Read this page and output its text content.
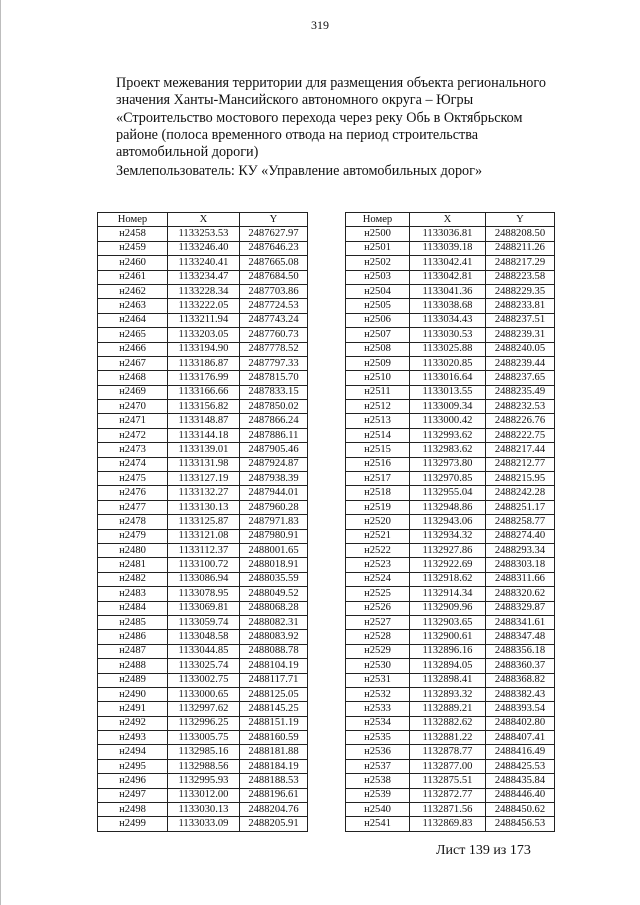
319
Проект межевания территории для размещения объекта регионального
значения Ханты-Мансийского автономного округа – Югры
«Строительство мостового перехода через реку Обь в Октябрьском
районе (полоса временного отвода на период строительства
автомобильной дороги)
Землепользователь: КУ «Управление автомобильных дорог»
Номер	X	Y
н2458	1133253.53	2487627.97
н2459	1133246.40	2487646.23
н2460	1133240.41	2487665.08
н2461	1133234.47	2487684.50
н2462	1133228.34	2487703.86
н2463	1133222.05	2487724.53
н2464	1133211.94	2487743.24
н2465	1133203.05	2487760.73
н2466	1133194.90	2487778.52
н2467	1133186.87	2487797.33
н2468	1133176.99	2487815.70
н2469	1133166.66	2487833.15
н2470	1133156.82	2487850.02
н2471	1133148.87	2487866.24
н2472	1133144.18	2487886.11
н2473	1133139.01	2487905.46
н2474	1133131.98	2487924.87
н2475	1133127.19	2487938.39
н2476	1133132.27	2487944.01
н2477	1133130.13	2487960.28
н2478	1133125.87	2487971.83
н2479	1133121.08	2487980.91
н2480	1133112.37	2488001.65
н2481	1133100.72	2488018.91
н2482	1133086.94	2488035.59
н2483	1133078.95	2488049.52
н2484	1133069.81	2488068.28
н2485	1133059.74	2488082.31
н2486	1133048.58	2488083.92
н2487	1133044.85	2488088.78
н2488	1133025.74	2488104.19
н2489	1133002.75	2488117.71
н2490	1133000.65	2488125.05
н2491	1132997.62	2488145.25
н2492	1132996.25	2488151.19
н2493	1133005.75	2488160.59
н2494	1132985.16	2488181.88
н2495	1132988.56	2488184.19
н2496	1132995.93	2488188.53
н2497	1133012.00	2488196.61
н2498	1133030.13	2488204.76
н2499	1133033.09	2488205.91
Номер	X	Y
н2500	1133036.81	2488208.50
н2501	1133039.18	2488211.26
н2502	1133042.41	2488217.29
н2503	1133042.81	2488223.58
н2504	1133041.36	2488229.35
н2505	1133038.68	2488233.81
н2506	1133034.43	2488237.51
н2507	1133030.53	2488239.31
н2508	1133025.88	2488240.05
н2509	1133020.85	2488239.44
н2510	1133016.64	2488237.65
н2511	1133013.55	2488235.49
н2512	1133009.34	2488232.53
н2513	1133000.42	2488226.76
н2514	1132993.62	2488222.75
н2515	1132983.62	2488217.44
н2516	1132973.80	2488212.77
н2517	1132970.85	2488215.95
н2518	1132955.04	2488242.28
н2519	1132948.86	2488251.17
н2520	1132943.06	2488258.77
н2521	1132934.32	2488274.40
н2522	1132927.86	2488293.34
н2523	1132922.69	2488303.18
н2524	1132918.62	2488311.66
н2525	1132914.34	2488320.62
н2526	1132909.96	2488329.87
н2527	1132903.65	2488341.61
н2528	1132900.61	2488347.48
н2529	1132896.16	2488356.18
н2530	1132894.05	2488360.37
н2531	1132898.41	2488368.82
н2532	1132893.32	2488382.43
н2533	1132889.21	2488393.54
н2534	1132882.62	2488402.80
н2535	1132881.22	2488407.41
н2536	1132878.77	2488416.49
н2537	1132877.00	2488425.53
н2538	1132875.51	2488435.84
н2539	1132872.77	2488446.40
н2540	1132871.56	2488450.62
н2541	1132869.83	2488456.53
Лист 139 из 173
